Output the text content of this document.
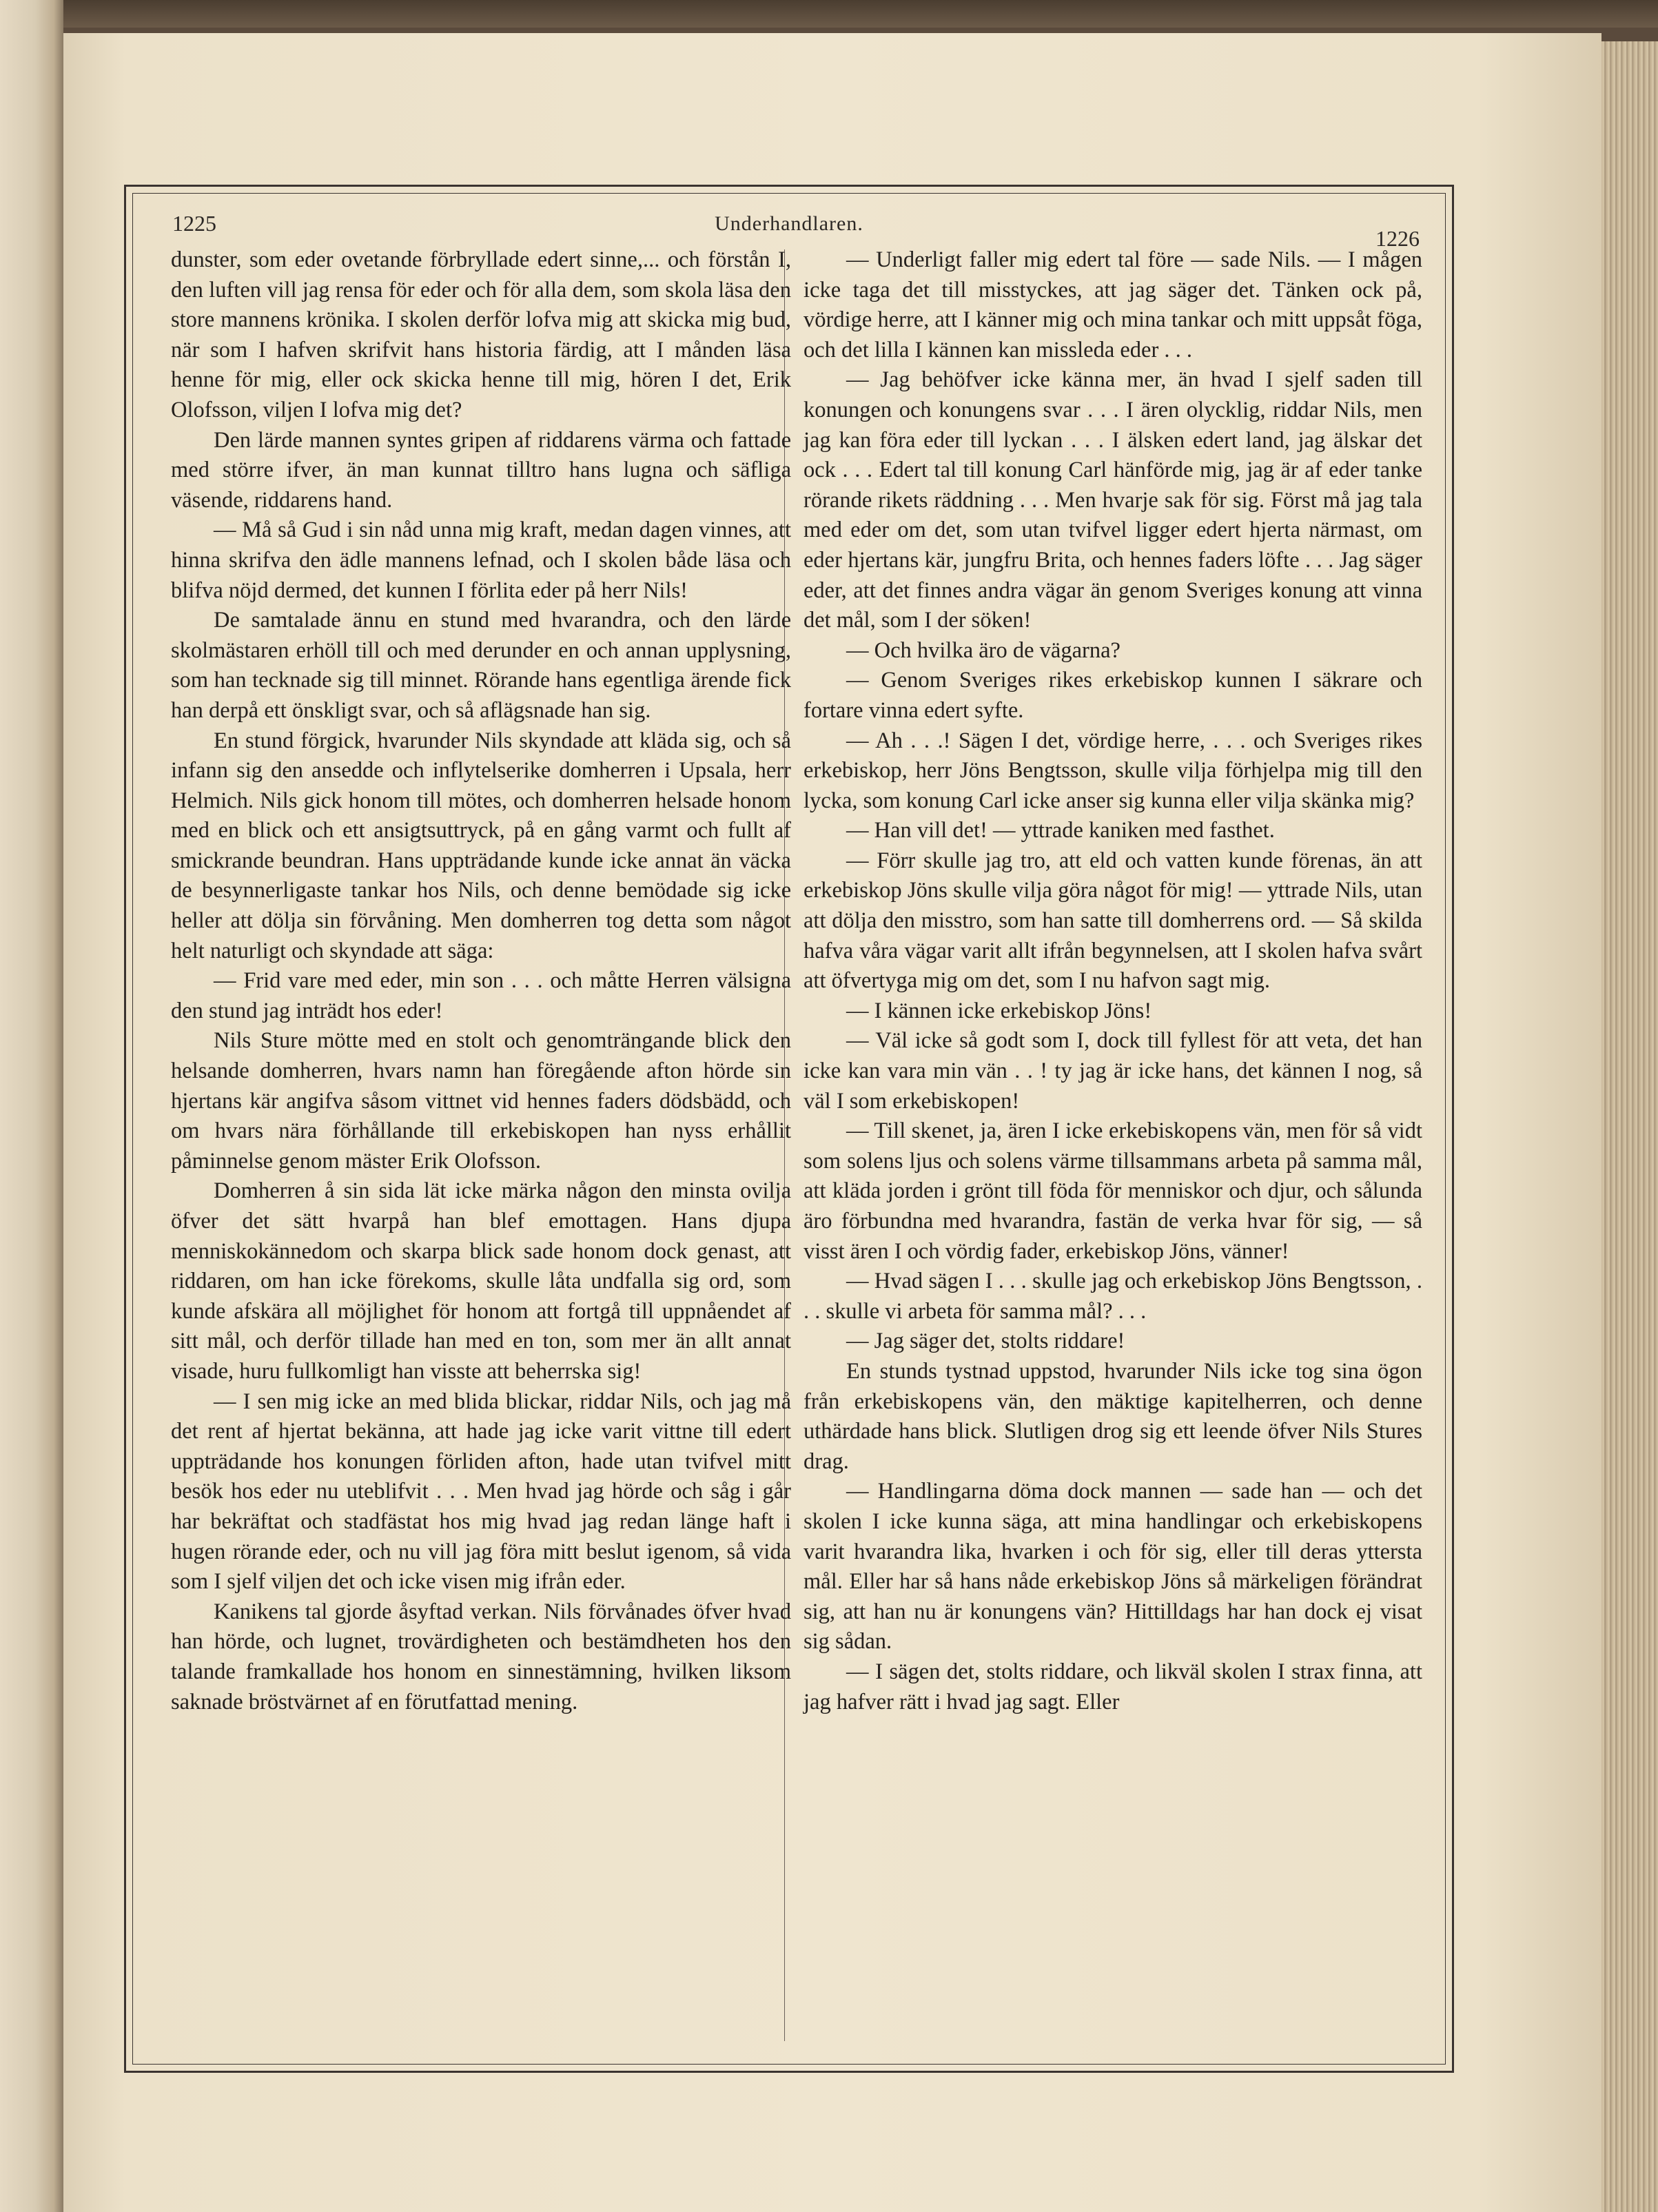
1225	Underhandlaren.
1226

dunster, som eder ovetande förbryllade edert sinne,... och förstån I, den luften vill jag rensa för eder och för alla dem, som skola läsa den store mannens krönika. I skolen derför lofva mig att skicka mig bud, när som I hafven skrifvit hans historia färdig, att I månden läsa henne för mig, eller ock skicka henne till mig, hören I det, Erik Olofsson, viljen I lofva mig det?

Den lärde mannen syntes gripen af riddarens värma och fattade med större ifver, än man kunnat tilltro hans lugna och säfliga väsende, riddarens hand.

— Må så Gud i sin nåd unna mig kraft, medan dagen vinnes, att hinna skrifva den ädle mannens lefnad, och I skolen både läsa och blifva nöjd dermed, det kunnen I förlita eder på herr Nils!

De samtalade ännu en stund med hvarandra, och den lärde skolmästaren erhöll till och med derunder en och annan upplysning, som han tecknade sig till minnet. Rörande hans egentliga ärende fick han derpå ett önskligt svar, och så aflägsnade han sig.

En stund förgick, hvarunder Nils skyndade att kläda sig, och så infann sig den ansedde och inflytelserike domherren i Upsala, herr Helmich. Nils gick honom till mötes, och domherren helsade honom med en blick och ett ansigtsuttryck, på en gång varmt och fullt af smickrande beundran. Hans uppträdande kunde icke annat än väcka de besynnerligaste tankar hos Nils, och denne bemödade sig icke heller att dölja sin förvåning. Men domherren tog detta som något helt naturligt och skyndade att säga:

— Frid vare med eder, min son . . . och måtte Herren välsigna den stund jag inträdt hos eder!

Nils Sture mötte med en stolt och genomträngande blick den helsande domherren, hvars namn han föregående afton hörde sin hjertans kär angifva såsom vittnet vid hennes faders dödsbädd, och om hvars nära förhållande till erkebiskopen han nyss erhållit påminnelse genom mäster Erik Olofsson.

Domherren å sin sida lät icke märka någon den minsta ovilja öfver det sätt hvarpå han blef emottagen. Hans djupa menniskokännedom och skarpa blick sade honom dock genast, att riddaren, om han icke förekoms, skulle låta undfalla sig ord, som kunde afskära all möjlighet för honom att fortgå till uppnåendet af sitt mål, och derför tillade han med en ton, som mer än allt annat visade, huru fullkomligt han visste att beherrska sig!

— I sen mig icke an med blida blickar, riddar Nils, och jag må det rent af hjertat bekänna, att hade jag icke varit vittne till edert uppträdande hos konungen förliden afton, hade utan tvifvel mitt besök hos eder nu uteblifvit . . . Men hvad jag hörde och såg i går har bekräftat och stadfästat hos mig hvad jag redan länge haft i hugen rörande eder, och nu vill jag föra mitt beslut igenom, så vida som I sjelf viljen det och icke visen mig ifrån eder.

Kanikens tal gjorde åsyftad verkan. Nils förvånades öfver hvad han hörde, och lugnet, trovärdigheten och bestämdheten hos den talande framkallade hos honom en sinnestämning, hvilken liksom saknade bröstvärnet af en förutfattad mening.

— Underligt faller mig edert tal före — sade Nils. — I mågen icke taga det till misstyckes, att jag säger det. Tänken ock på, vördige herre, att I känner mig och mina tankar och mitt uppsåt föga, och det lilla I kännen kan missleda eder . . .

— Jag behöfver icke känna mer, än hvad I sjelf saden till konungen och konungens svar . . . I ären olycklig, riddar Nils, men jag kan föra eder till lyckan . . . I älsken edert land, jag älskar det ock . . . Edert tal till konung Carl hänförde mig, jag är af eder tanke rörande rikets räddning . . . Men hvarje sak för sig. Först må jag tala med eder om det, som utan tvifvel ligger edert hjerta närmast, om eder hjertans kär, jungfru Brita, och hennes faders löfte . . . Jag säger eder, att det finnes andra vägar än genom Sveriges konung att vinna det mål, som I der söken!

— Och hvilka äro de vägarna?

— Genom Sveriges rikes erkebiskop kunnen I säkrare och fortare vinna edert syfte.

— Ah . . .! Sägen I det, vördige herre, . . . och Sveriges rikes erkebiskop, herr Jöns Bengtsson, skulle vilja förhjelpa mig till den lycka, som konung Carl icke anser sig kunna eller vilja skänka mig?

— Han vill det! — yttrade kaniken med fasthet.

— Förr skulle jag tro, att eld och vatten kunde förenas, än att erkebiskop Jöns skulle vilja göra något för mig! — yttrade Nils, utan att dölja den misstro, som han satte till domherrens ord. — Så skilda hafva våra vägar varit allt ifrån begynnelsen, att I skolen hafva svårt att öfvertyga mig om det, som I nu hafvon sagt mig.

— I kännen icke erkebiskop Jöns!

— Väl icke så godt som I, dock till fyllest för att veta, det han icke kan vara min vän . . ! ty jag är icke hans, det kännen I nog, så väl I som erkebiskopen!

— Till skenet, ja, ären I icke erkebiskopens vän, men för så vidt som solens ljus och solens värme tillsammans arbeta på samma mål, att kläda jorden i grönt till föda för menniskor och djur, och sålunda äro förbundna med hvarandra, fastän de verka hvar för sig, — så visst ären I och vördig fader, erkebiskop Jöns, vänner!

— Hvad sägen I . . . skulle jag och erkebiskop Jöns Bengtsson, . . . skulle vi arbeta för samma mål? . . .

— Jag säger det, stolts riddare!

En stunds tystnad uppstod, hvarunder Nils icke tog sina ögon från erkebiskopens vän, den mäktige kapitelherren, och denne uthärdade hans blick. Slutligen drog sig ett leende öfver Nils Stures drag.

— Handlingarna döma dock mannen — sade han — och det skolen I icke kunna säga, att mina handlingar och erkebiskopens varit hvarandra lika, hvarken i och för sig, eller till deras yttersta mål. Eller har så hans nåde erkebiskop Jöns så märkeligen förändrat sig, att han nu är konungens vän? Hittilldags har han dock ej visat sig sådan.

— I sägen det, stolts riddare, och likväl skolen I strax finna, att jag hafver rätt i hvad jag sagt. Eller
